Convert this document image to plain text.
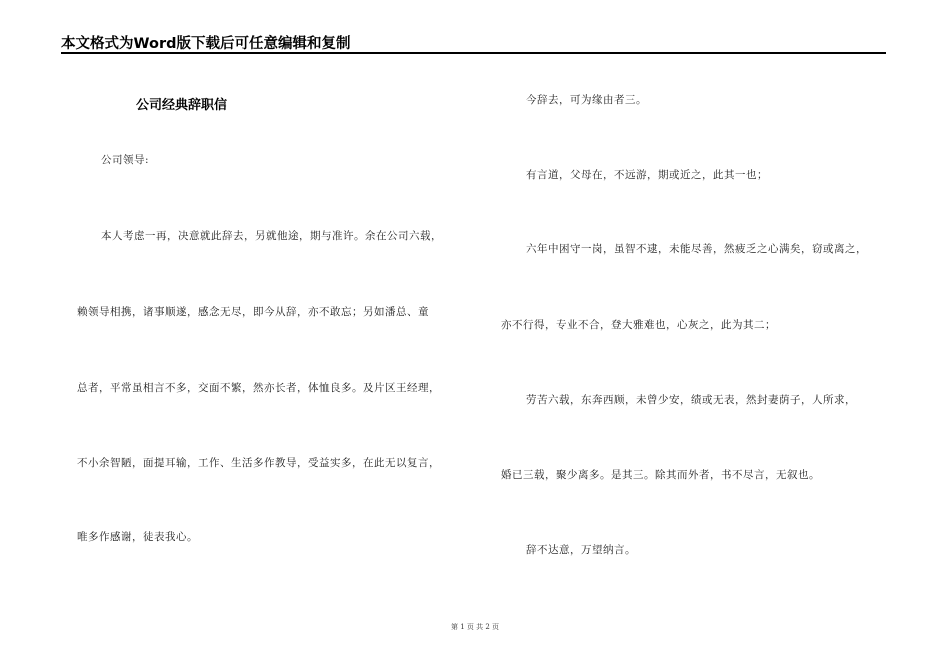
本文格式为Word版下载后可任意编辑和复制
公司经典辞职信
公司领导:
本人考虑一再，决意就此辞去，另就他途，期与准许。余在公司六载，
赖领导相携，诸事顺遂，感念无尽，即今从辞，亦不敢忘；另如潘总、童
总者，平常虽相言不多，交面不繁，然亦长者，体恤良多。及片区王经理，
不小余智陋，面提耳输，工作、生活多作教导，受益实多，在此无以复言，
唯多作感谢，徒表我心。
今辞去，可为缘由者三。
有言道，父母在，不远游，期或近之，此其一也；
六年中困守一岗，虽智不逮，未能尽善，然疲乏之心满矣，窃或离之，
亦不行得，专业不合，登大雅难也，心灰之，此为其二；
劳苦六载，东奔西顾，未曾少安，绩或无表，然封妻荫子，人所求，
婚已三载，聚少离多。是其三。除其而外者，书不尽言，无叙也。
辞不达意，万望纳言。
第 1 页 共 2 页
